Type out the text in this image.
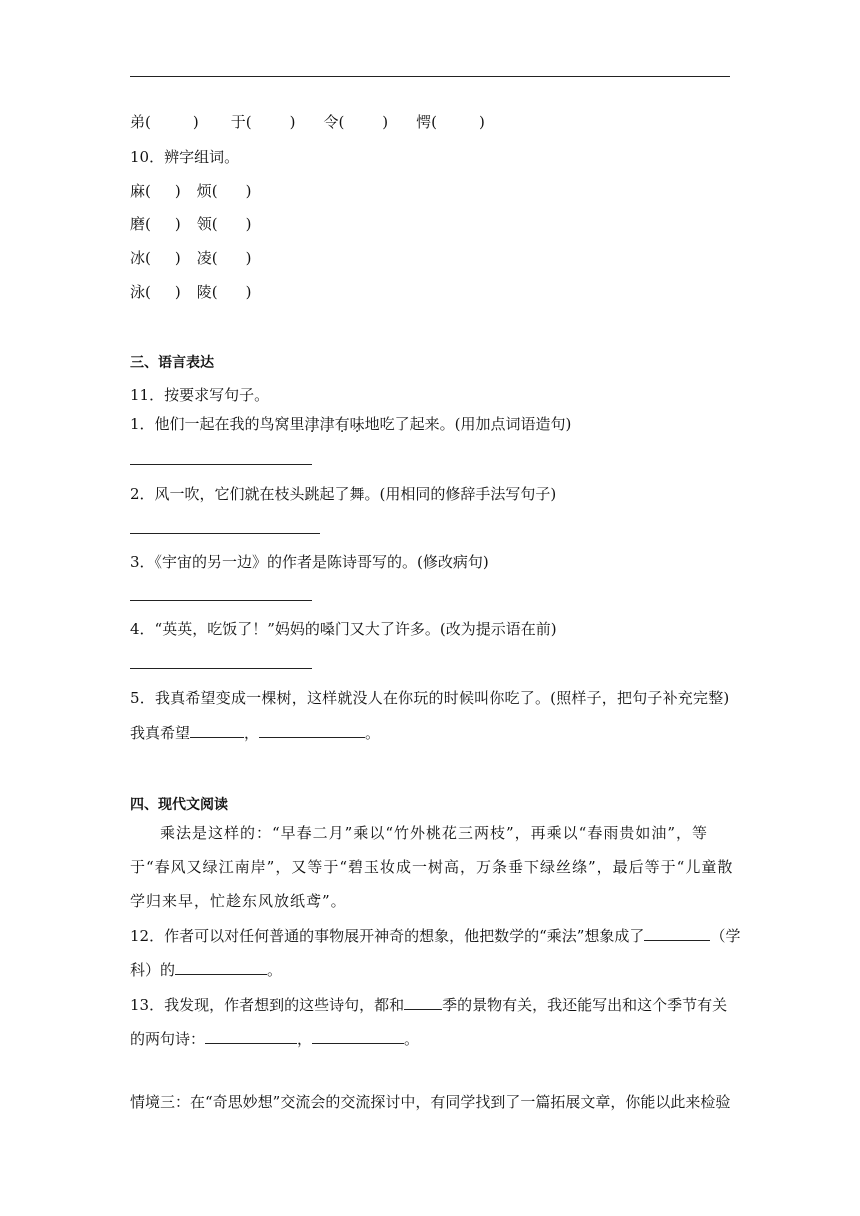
弟(	) 于(	) 令(	) 愕(	)
10．辨字组词。
麻( ) 烦( )
磨( ) 领( )
冰( ) 凌( )
泳( ) 陵( )
三、语言表达
11．按要求写句子。
1．他们一起在我的鸟窝里津津有味地吃了起来。(用加点词语造句)
2．风一吹，它们就在枝头跳起了舞。(用相同的修辞手法写句子)
3．《宇宙的另一边》的作者是陈诗哥写的。(修改病句)
4．“英英，吃饭了！”妈妈的嗓门又大了许多。(改为提示语在前)
5．我真希望变成一棵树，这样就没人在你玩的时候叫你吃了。(照样子，把句子补充完整)
我真希望	，	。
四、现代文阅读
乘法是这样的：“早春二月”乘以“竹外桃花三两枝”，再乘以“春雨贵如油”，等于“春风又绿江南岸”，又等于“碧玉妆成一树高，万条垂下绿丝绦”，最后等于“儿童散学归来早，忙趁东风放纸鸢”。
12．作者可以对任何普通的事物展开神奇的想象，他把数学的“乘法”想象成了	（学
科）的	。
13．我发现，作者想到的这些诗句，都和	季的景物有关，我还能写出和这个季节有关
的两句诗：	，	。
情境三：在“奇思妙想”交流会的交流探讨中，有同学找到了一篇拓展文章，你能以此来检验
